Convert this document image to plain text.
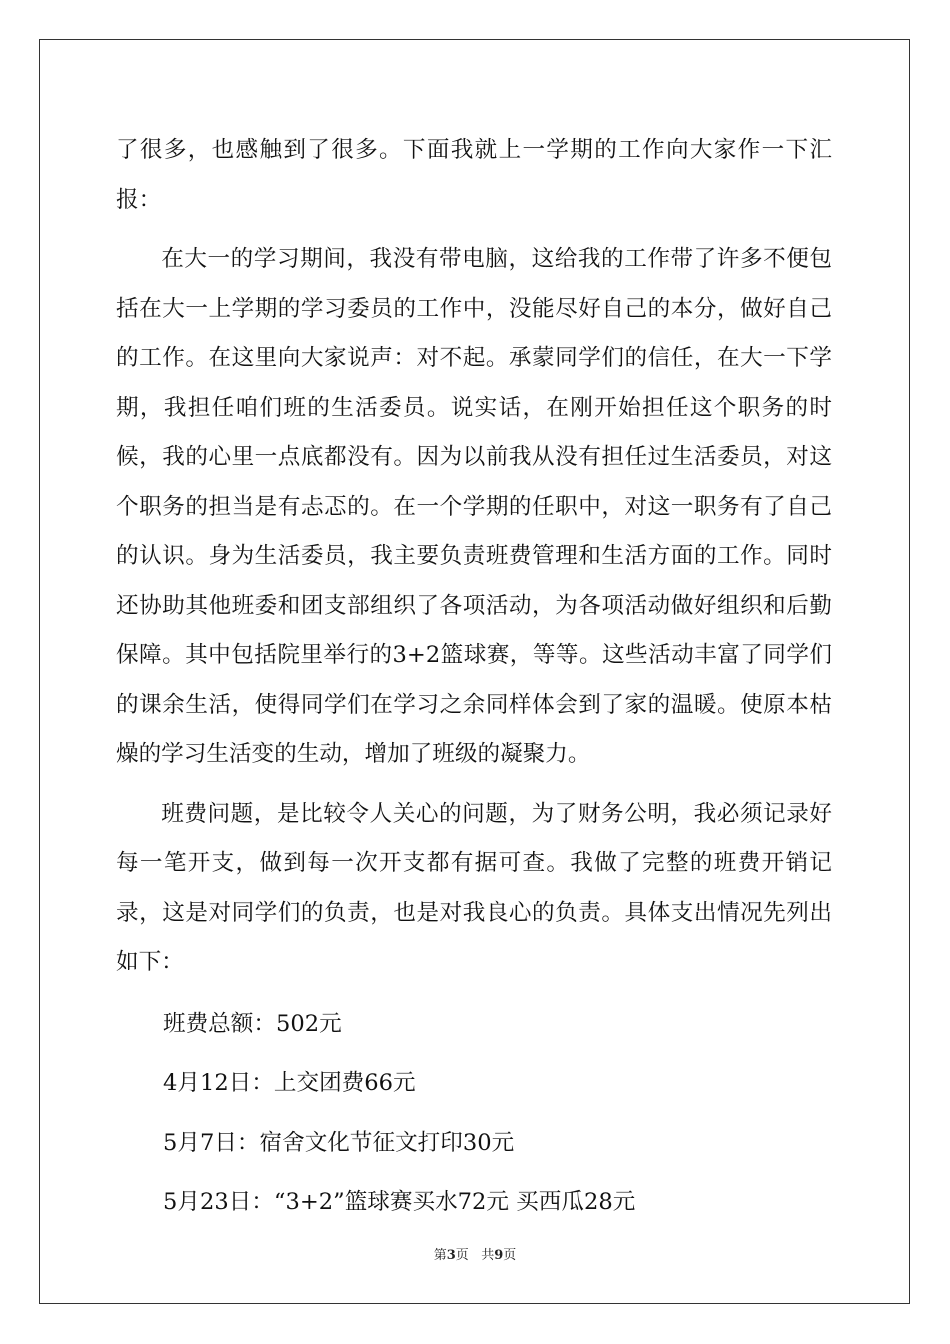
了很多，也感触到了很多。下面我就上一学期的工作向大家作一下汇报：

在大一的学习期间，我没有带电脑，这给我的工作带了许多不便包括在大一上学期的学习委员的工作中，没能尽好自己的本分，做好自己的工作。在这里向大家说声：对不起。承蒙同学们的信任，在大一下学期，我担任咱们班的生活委员。说实话，在刚开始担任这个职务的时候，我的心里一点底都没有。因为以前我从没有担任过生活委员，对这个职务的担当是有忐忑的。在一个学期的任职中，对这一职务有了自己的认识。身为生活委员，我主要负责班费管理和生活方面的工作。同时还协助其他班委和团支部组织了各项活动，为各项活动做好组织和后勤保障。其中包括院里举行的3+2篮球赛，等等。这些活动丰富了同学们的课余生活，使得同学们在学习之余同样体会到了家的温暖。使原本枯燥的学习生活变的生动，增加了班级的凝聚力。

班费问题，是比较令人关心的问题，为了财务公明，我必须记录好每一笔开支，做到每一次开支都有据可查。我做了完整的班费开销记录，这是对同学们的负责，也是对我良心的负责。具体支出情况先列出如下：

班费总额：502元

4月12日：上交团费66元

5月7日：宿舍文化节征文打印30元

5月23日：“3+2”篮球赛买水72元 买西瓜28元

第3页 共9页
